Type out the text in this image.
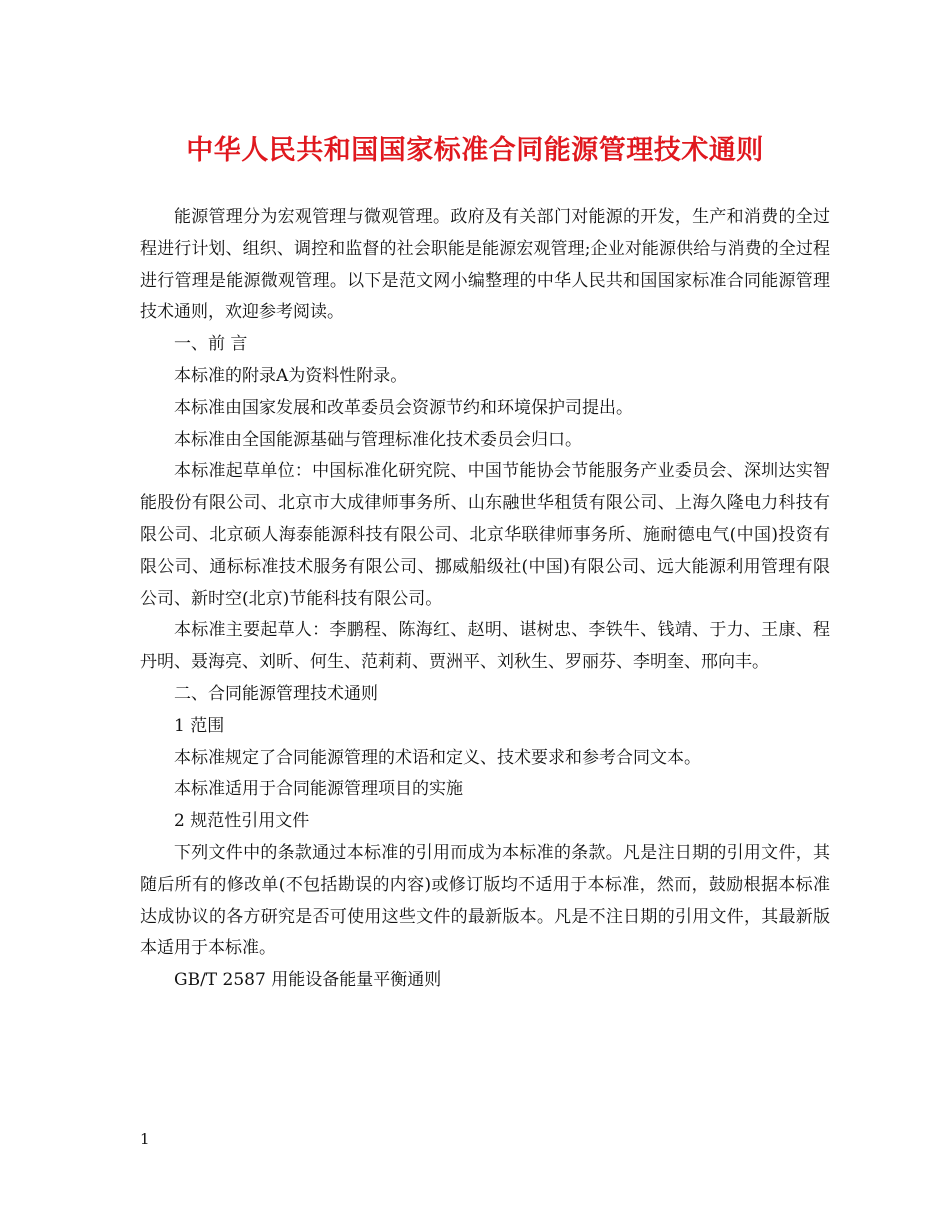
中华人民共和国国家标准合同能源管理技术通则

能源管理分为宏观管理与微观管理。政府及有关部门对能源的开发，生产和消费的全过程进行计划、组织、调控和监督的社会职能是能源宏观管理;企业对能源供给与消费的全过程进行管理是能源微观管理。以下是范文网小编整理的中华人民共和国国家标准合同能源管理技术通则，欢迎参考阅读。

一、前 言

本标准的附录A为资料性附录。

本标准由国家发展和改革委员会资源节约和环境保护司提出。

本标准由全国能源基础与管理标准化技术委员会归口。

本标准起草单位：中国标准化研究院、中国节能协会节能服务产业委员会、深圳达实智能股份有限公司、北京市大成律师事务所、山东融世华租赁有限公司、上海久隆电力科技有限公司、北京硕人海泰能源科技有限公司、北京华联律师事务所、施耐德电气(中国)投资有限公司、通标标准技术服务有限公司、挪威船级社(中国)有限公司、远大能源利用管理有限公司、新时空(北京)节能科技有限公司。

本标准主要起草人：李鹏程、陈海红、赵明、谌树忠、李铁牛、钱靖、于力、王康、程丹明、聂海亮、刘昕、何生、范莉莉、贾洲平、刘秋生、罗丽芬、李明奎、邢向丰。

二、合同能源管理技术通则

1 范围

本标准规定了合同能源管理的术语和定义、技术要求和参考合同文本。

本标准适用于合同能源管理项目的实施

2 规范性引用文件

下列文件中的条款通过本标准的引用而成为本标准的条款。凡是注日期的引用文件，其随后所有的修改单(不包括勘误的内容)或修订版均不适用于本标准，然而，鼓励根据本标准达成协议的各方研究是否可使用这些文件的最新版本。凡是不注日期的引用文件，其最新版本适用于本标准。

GB/T 2587 用能设备能量平衡通则

1
